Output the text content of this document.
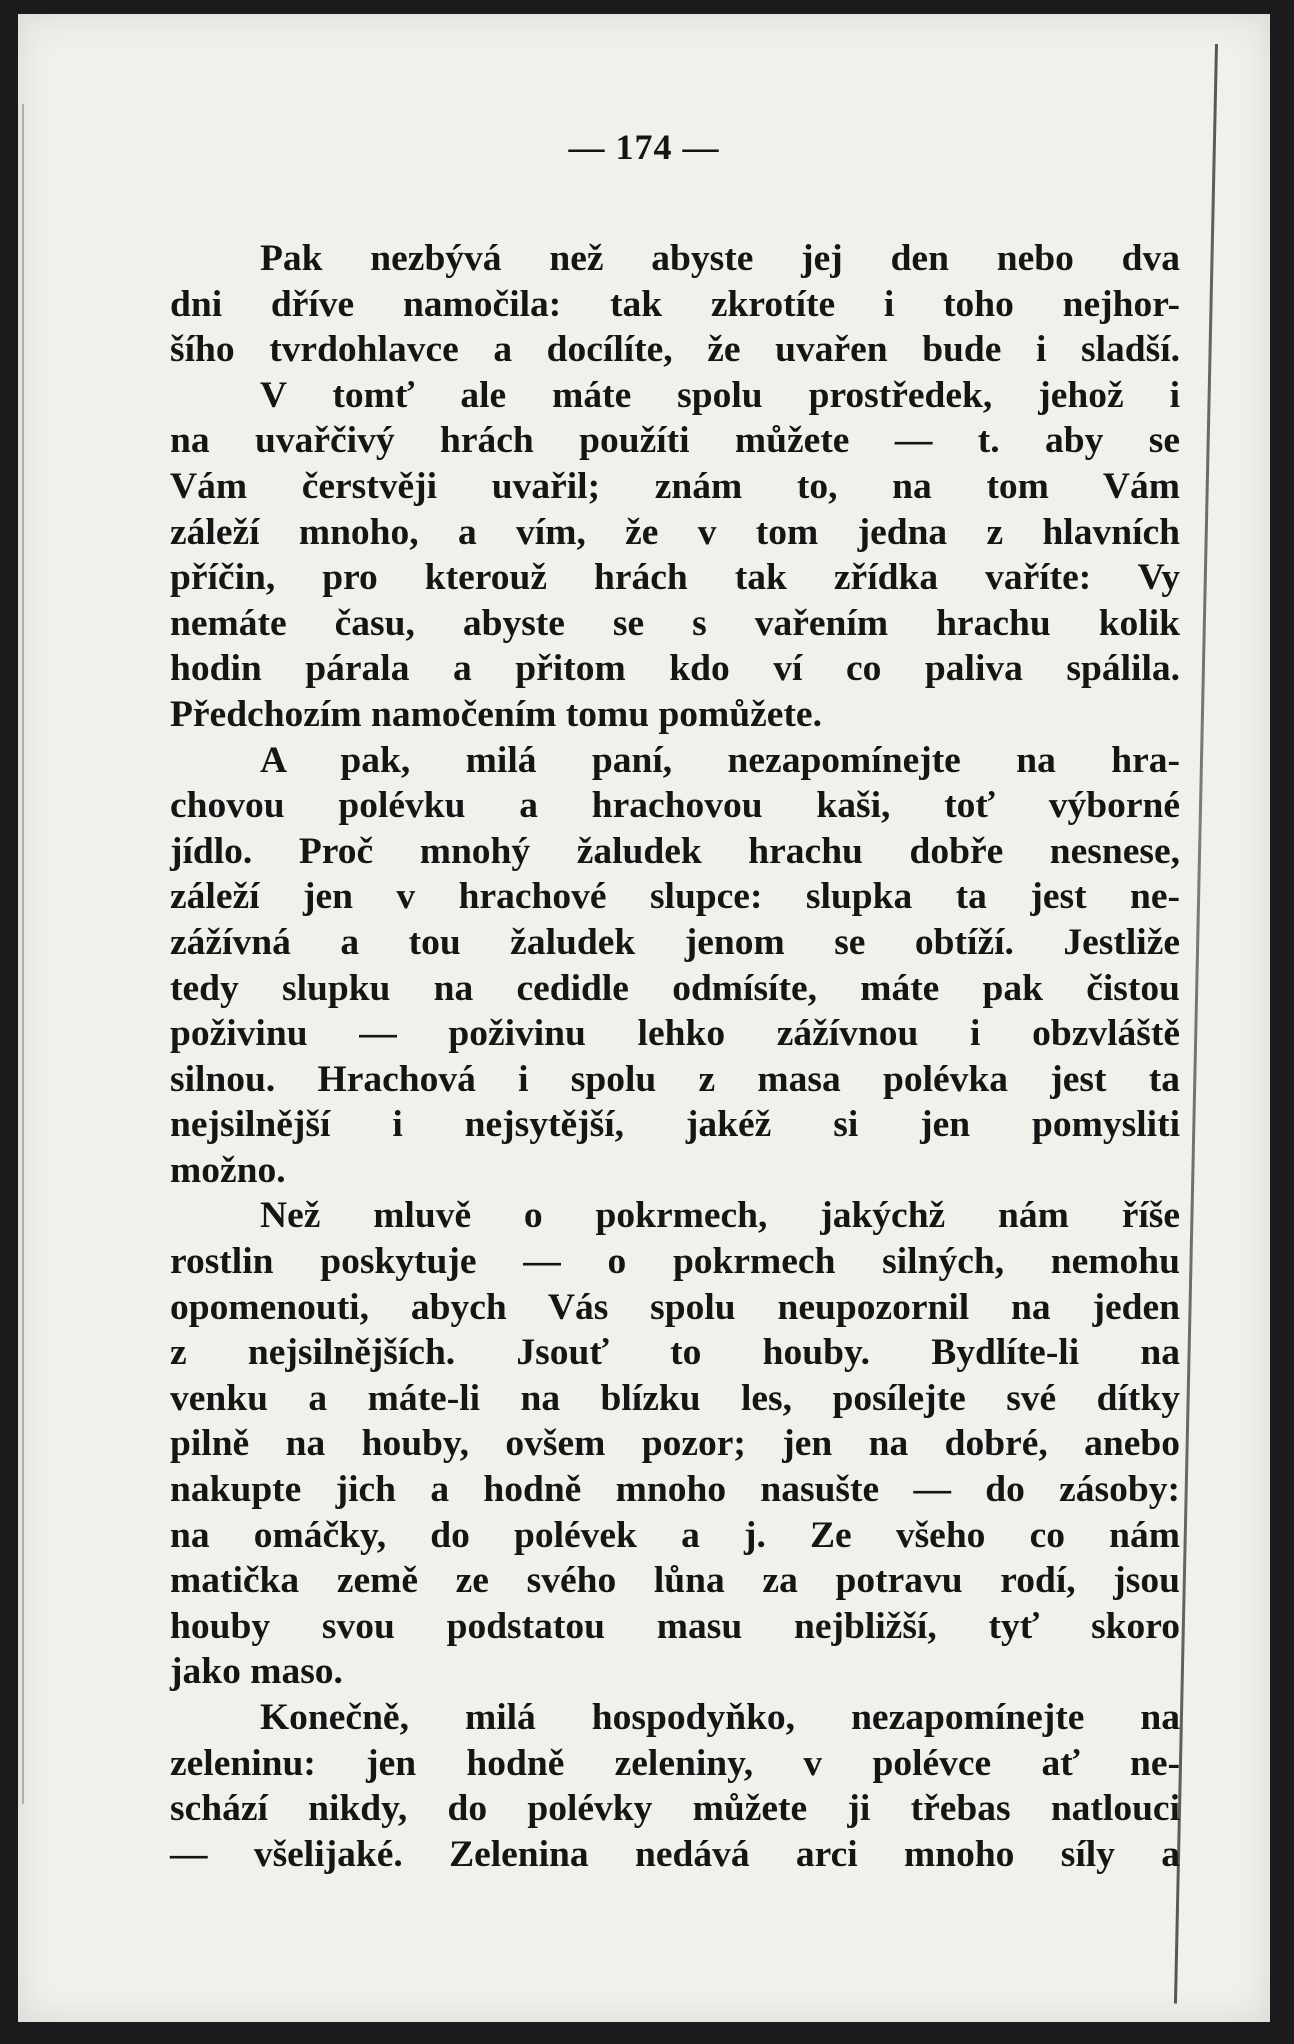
— 174 —
Pak nezbývá než abyste jej den nebo dva
dni dříve namočila: tak zkrotíte i toho nejhor-
šího tvrdohlavce a docílíte, že uvařen bude i sladší.
V tomť ale máte spolu prostředek, jehož i
na uvařčivý hrách použíti můžete — t. aby se
Vám čerstvěji uvařil; znám to, na tom Vám
záleží mnoho, a vím, že v tom jedna z hlavních
příčin, pro kterouž hrách tak zřídka vaříte: Vy
nemáte času, abyste se s vařením hrachu kolik
hodin párala a přitom kdo ví co paliva spálila.
Předchozím namočením tomu pomůžete.
A pak, milá paní, nezapomínejte na hra-
chovou polévku a hrachovou kaši, toť výborné
jídlo. Proč mnohý žaludek hrachu dobře nesnese,
záleží jen v hrachové slupce: slupka ta jest ne-
zážívná a tou žaludek jenom se obtíží. Jestliže
tedy slupku na cedidle odmísíte, máte pak čistou
poživinu — poživinu lehko zážívnou i obzvláště
silnou. Hrachová i spolu z masa polévka jest ta
nejsilnější i nejsytější, jakéž si jen pomysliti
možno.
Než mluvě o pokrmech, jakýchž nám říše
rostlin poskytuje — o pokrmech silných, nemohu
opomenouti, abych Vás spolu neupozornil na jeden
z nejsilnějších. Jsouť to houby. Bydlíte-li na
venku a máte-li na blízku les, posílejte své dítky
pilně na houby, ovšem pozor; jen na dobré, anebo
nakupte jich a hodně mnoho nasušte — do zásoby:
na omáčky, do polévek a j. Ze všeho co nám
matička země ze svého lůna za potravu rodí, jsou
houby svou podstatou masu nejbližší, tyť skoro
jako maso.
Konečně, milá hospodyňko, nezapomínejte na
zeleninu: jen hodně zeleniny, v polévce ať ne-
schází nikdy, do polévky můžete ji třebas natlouci
— všelijaké. Zelenina nedává arci mnoho síly a
